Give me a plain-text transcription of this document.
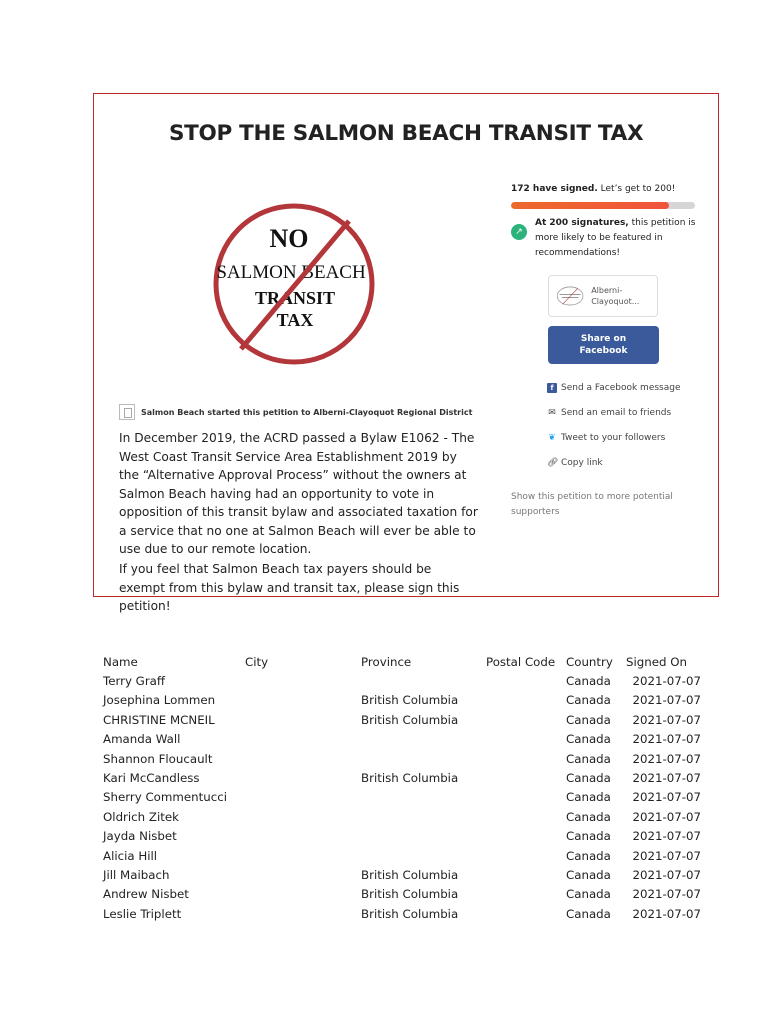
STOP THE SALMON BEACH TRANSIT TAX
NO
SALMON BEACH
TRANSIT
TAX
Salmon Beach started this petition to Alberni-Clayoquot Regional District
In December 2019, the ACRD passed a Bylaw E1062 - The West Coast Transit Service Area Establishment 2019 by the “Alternative Approval Process” without the owners at Salmon Beach having had an opportunity to vote in opposition of this transit bylaw and associated taxation for a service that no one at Salmon Beach will ever be able to use due to our remote location.
If you feel that Salmon Beach tax payers should be exempt from this bylaw and transit tax, please sign this petition!
172 have signed. Let’s get to 200!
↗
At 200 signatures, this petition is more likely to be featured in recommendations!
Alberni-Clayoquot...
Share on Facebook
f Send a Facebook message
✉ Send an email to friends
❦ Tweet to your followers
🔗︎ Copy link
Show this petition to more potential supporters
Name	City	Province	Postal Code	Country	Signed On
Terry Graff				Canada	2021-07-07
Josephina Lommen		British Columbia		Canada	2021-07-07
CHRISTINE MCNEIL		British Columbia		Canada	2021-07-07
Amanda Wall				Canada	2021-07-07
Shannon Floucault				Canada	2021-07-07
Kari McCandless		British Columbia		Canada	2021-07-07
Sherry Commentucci				Canada	2021-07-07
Oldrich Zitek				Canada	2021-07-07
Jayda Nisbet				Canada	2021-07-07
Alicia Hill				Canada	2021-07-07
Jill Maibach		British Columbia		Canada	2021-07-07
Andrew Nisbet		British Columbia		Canada	2021-07-07
Leslie Triplett		British Columbia		Canada	2021-07-07
